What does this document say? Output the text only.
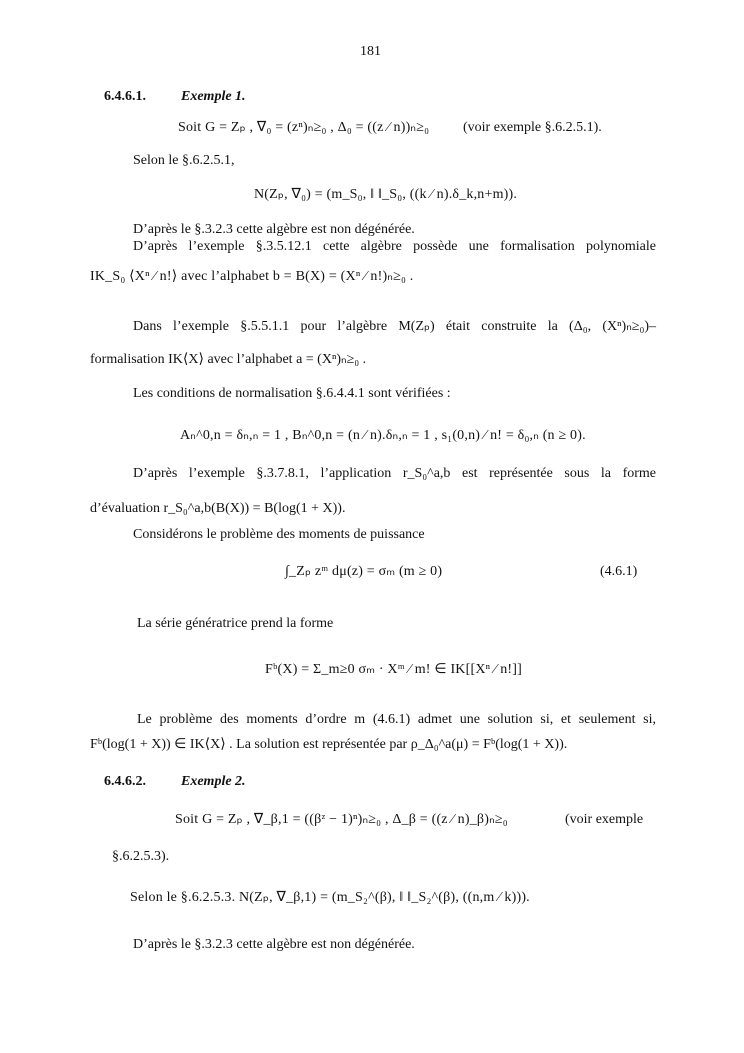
181
6.4.6.1.	Exemple 1.
Soit G = Zₚ , ∇₀ = (zⁿ)ₙ≥₀ , Δ₀ = ((z ⁄ n))ₙ≥₀ (voir exemple §.6.2.5.1).
Selon le §.6.2.5.1,
N(Zₚ, ∇₀) = (m_S₀, ‖ ‖_S₀, ((k ⁄ n).δ_k,n+m)).
D’après le §.3.2.3 cette algèbre est non dégénérée.
D’après l’exemple §.3.5.12.1 cette algèbre possède une formalisation polynomiale
IK_S₀ ⟨Xⁿ ⁄ n!⟩ avec l’alphabet b = B(X) = (Xⁿ ⁄ n!)ₙ≥₀ .
Dans l’exemple §.5.5.1.1 pour l’algèbre M(Zₚ) était construite la (Δ₀, (Xⁿ)ₙ≥₀)–
formalisation IK⟨X⟩ avec l’alphabet a = (Xⁿ)ₙ≥₀ .
Les conditions de normalisation §.6.4.4.1 sont vérifiées :
Aₙ^0,n = δₙ,ₙ = 1 , Bₙ^0,n = (n ⁄ n).δₙ,ₙ = 1 , s₁(0,n) ⁄ n! = δ₀,ₙ (n ≥ 0).
D’après l’exemple §.3.7.8.1, l’application r_S₀^a,b est représentée sous la forme
d’évaluation r_S₀^a,b(B(X)) = B(log(1 + X)).
Considérons le problème des moments de puissance
∫_Zₚ zᵐ dμ(z) = σₘ (m ≥ 0)	(4.6.1)
La série génératrice prend la forme
Fᵇ(X) = Σ_m≥0 σₘ · Xᵐ ⁄ m! ∈ IK[[Xⁿ ⁄ n!]]
Le problème des moments d’ordre m (4.6.1) admet une solution si, et seulement si,
Fᵇ(log(1 + X)) ∈ IK⟨X⟩ . La solution est représentée par ρ_Δ₀^a(μ) = Fᵇ(log(1 + X)).
6.4.6.2.	Exemple 2.
Soit G = Zₚ , ∇_β,1 = ((βᶻ − 1)ⁿ)ₙ≥₀ , Δ_β = ((z ⁄ n)_β)ₙ≥₀	(voir exemple
§.6.2.5.3).
Selon le §.6.2.5.3. N(Zₚ, ∇_β,1) = (m_S₂^(β), ‖ ‖_S₂^(β), ((n,m ⁄ k))).
D’après le §.3.2.3 cette algèbre est non dégénérée.
